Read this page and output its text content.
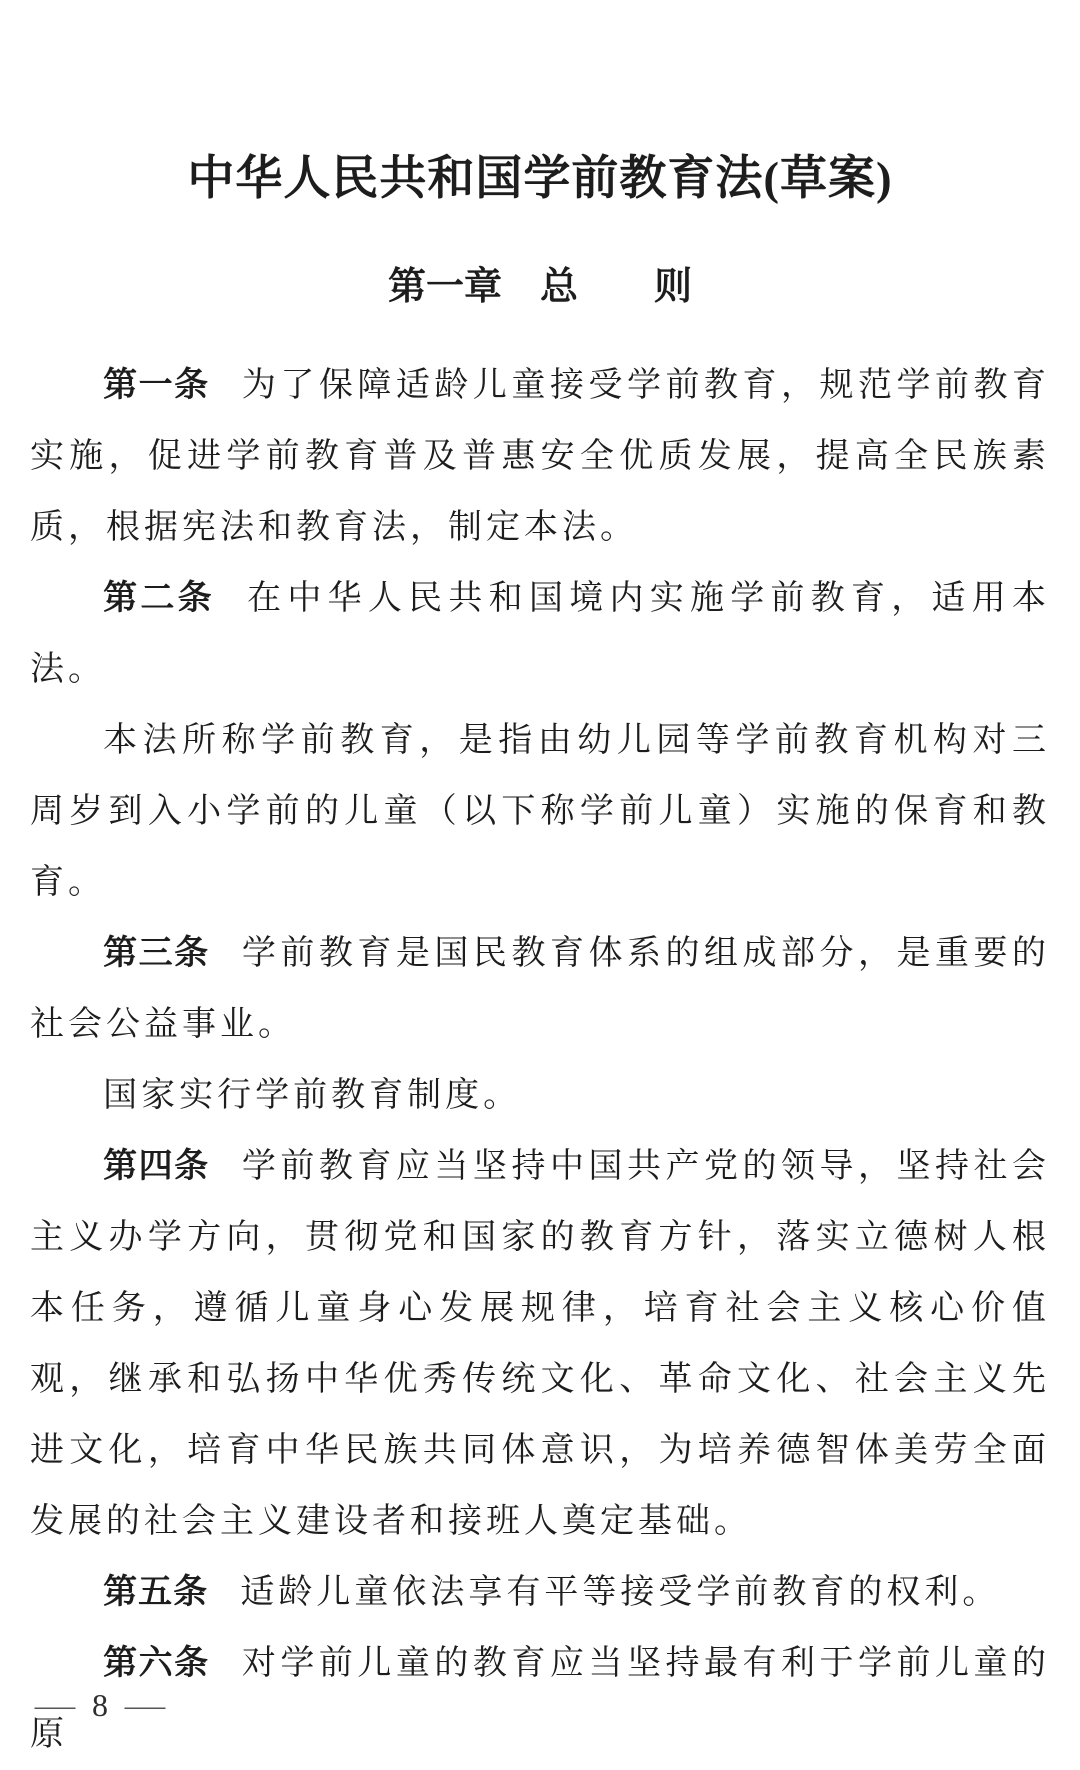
中华人民共和国学前教育法(草案)
第一章　总　　则

第一条 为了保障适龄儿童接受学前教育，规范学前教育实施，促进学前教育普及普惠安全优质发展，提高全民族素质，根据宪法和教育法，制定本法。

第二条 在中华人民共和国境内实施学前教育，适用本法。

本法所称学前教育，是指由幼儿园等学前教育机构对三周岁到入小学前的儿童（以下称学前儿童）实施的保育和教育。

第三条 学前教育是国民教育体系的组成部分，是重要的社会公益事业。

国家实行学前教育制度。

第四条 学前教育应当坚持中国共产党的领导，坚持社会主义办学方向，贯彻党和国家的教育方针，落实立德树人根本任务，遵循儿童身心发展规律，培育社会主义核心价值观，继承和弘扬中华优秀传统文化、革命文化、社会主义先进文化，培育中华民族共同体意识，为培养德智体美劳全面发展的社会主义建设者和接班人奠定基础。

第五条 适龄儿童依法享有平等接受学前教育的权利。

第六条 对学前儿童的教育应当坚持最有利于学前儿童的原

— 8 —
